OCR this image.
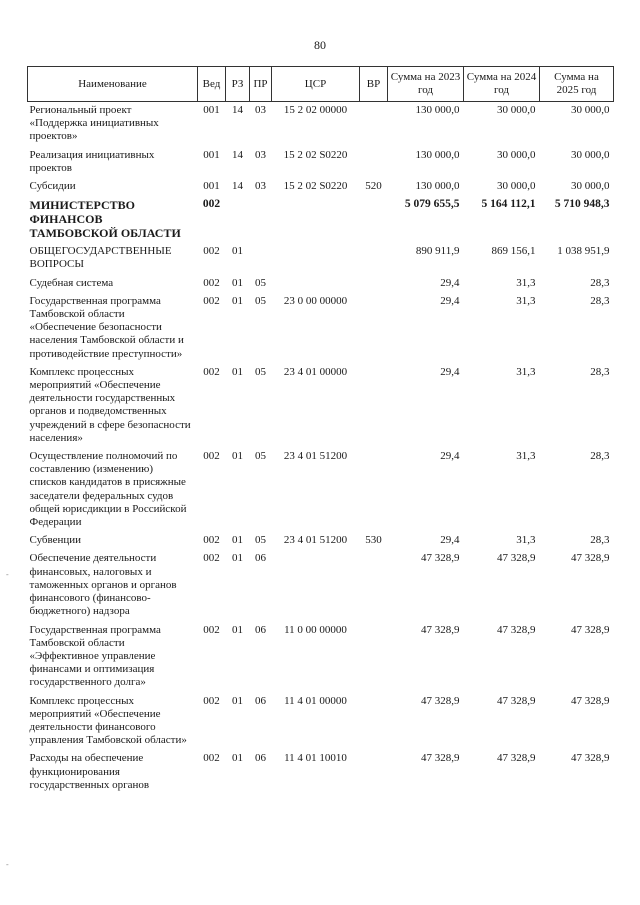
80
Наименование	Вед	РЗ	ПР	ЦСР	ВР	Сумма на 2023 год	Сумма на 2024 год	Сумма на 2025 год
Региональный проект «Поддержка инициативных проектов»	001	14	03	15 2 02 00000		130 000,0	30 000,0	30 000,0
Реализация инициативных проектов	001	14	03	15 2 02 S0220		130 000,0	30 000,0	30 000,0
Субсидии	001	14	03	15 2 02 S0220	520	130 000,0	30 000,0	30 000,0
МИНИСТЕРСТВО ФИНАНСОВ ТАМБОВСКОЙ ОБЛАСТИ	002					5 079 655,5	5 164 112,1	5 710 948,3
ОБЩЕГОСУДАРСТВЕННЫЕ ВОПРОСЫ	002	01				890 911,9	869 156,1	1 038 951,9
Судебная система	002	01	05			29,4	31,3	28,3
Государственная программа Тамбовской области «Обеспечение безопасности населения Тамбовской области и противодействие преступности»	002	01	05	23 0 00 00000		29,4	31,3	28,3
Комплекс процессных мероприятий «Обеспечение деятельности государственных органов и подведомственных учреждений в сфере безопасности населения»	002	01	05	23 4 01 00000		29,4	31,3	28,3
Осуществление полномочий по составлению (изменению) списков кандидатов в присяжные заседатели федеральных судов общей юрисдикции в Российской Федерации	002	01	05	23 4 01 51200		29,4	31,3	28,3
Субвенции	002	01	05	23 4 01 51200	530	29,4	31,3	28,3
Обеспечение деятельности финансовых, налоговых и таможенных органов и органов финансового (финансово-бюджетного) надзора	002	01	06			47 328,9	47 328,9	47 328,9
Государственная программа Тамбовской области «Эффективное управление финансами и оптимизация государственного долга»	002	01	06	11 0 00 00000		47 328,9	47 328,9	47 328,9
Комплекс процессных мероприятий «Обеспечение деятельности финансового управления Тамбовской области»	002	01	06	11 4 01 00000		47 328,9	47 328,9	47 328,9
Расходы на обеспечение функционирования государственных органов	002	01	06	11 4 01 10010		47 328,9	47 328,9	47 328,9
-
-
